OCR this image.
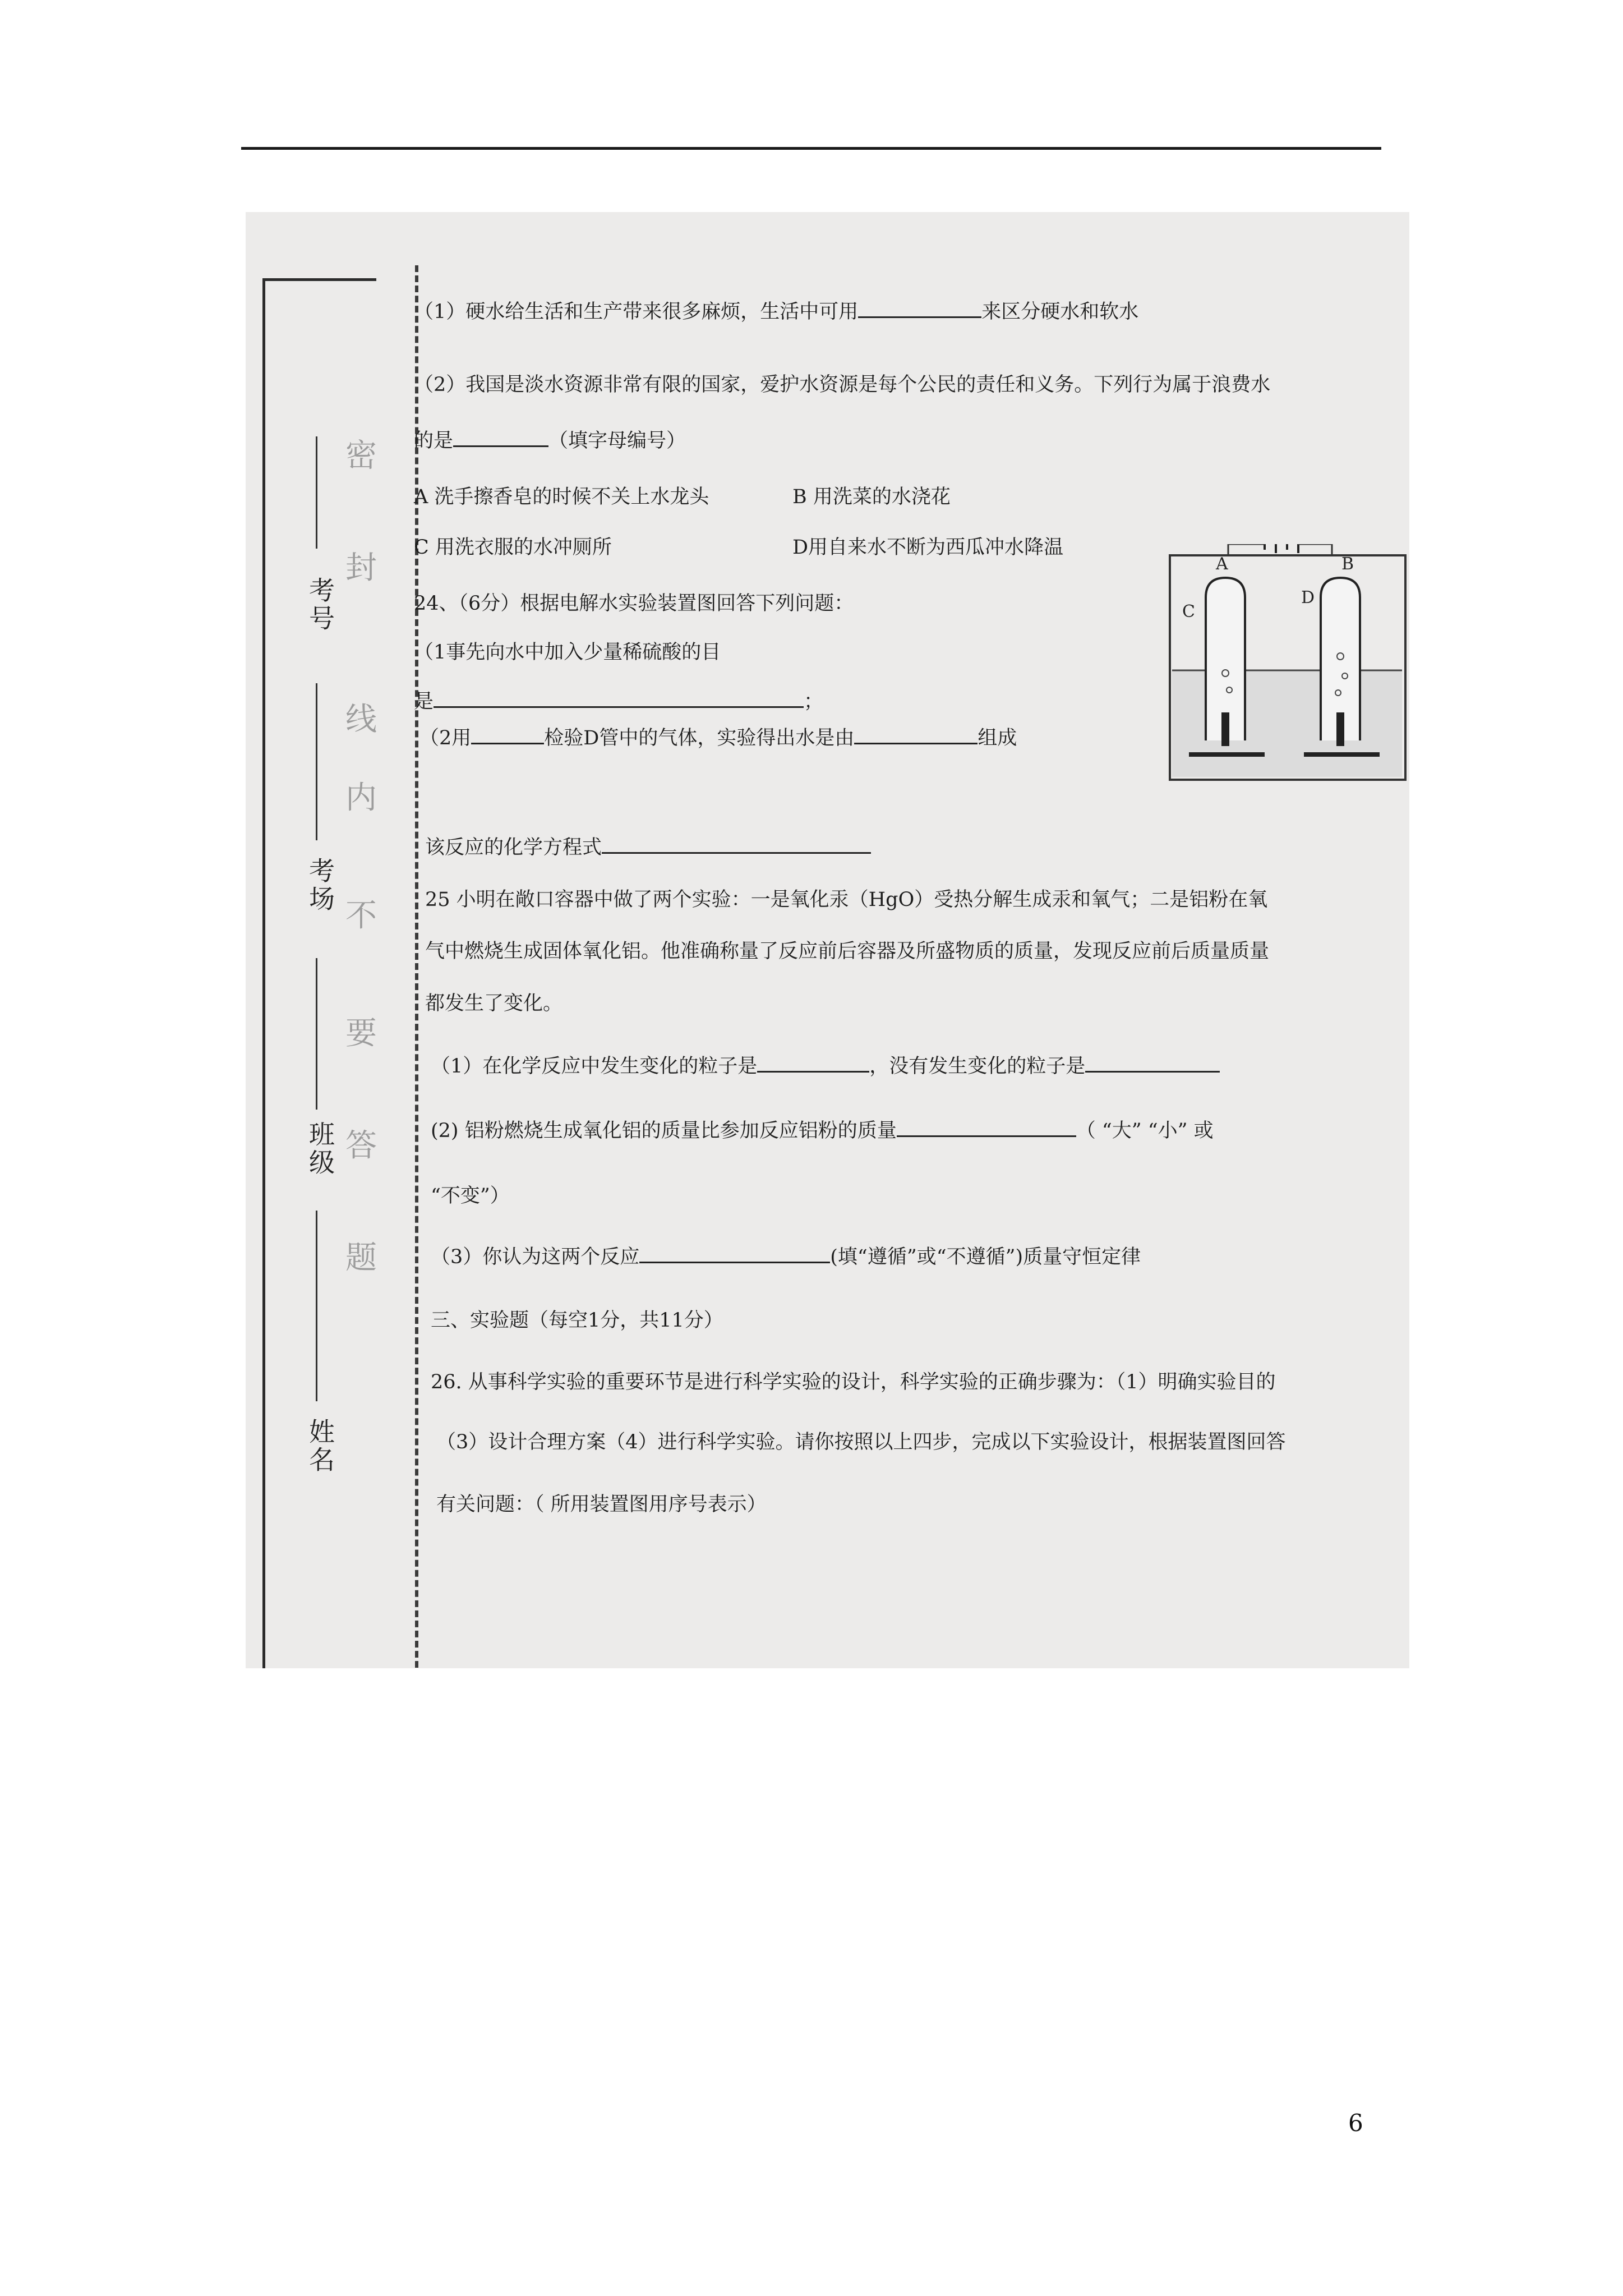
考号
考场
班级
姓名
密
封
线
内
不
要
答
题
（1）硬水给生活和生产带来很多麻烦，生活中可用	来区分硬水和软水
（2）我国是淡水资源非常有限的国家，爱护水资源是每个公民的责任和义务。下列行为属于浪费水
的是	（填字母编号）
A 洗手擦香皂的时候不关上水龙头	B 用洗菜的水浇花
C 用洗衣服的水冲厕所	D用自来水不断为西瓜冲水降温
24、（6分）根据电解水实验装置图回答下列问题：
（1事先向水中加入少量稀硫酸的目
是	；
（2用	检验D管中的气体，实验得出水是由	组成
该反应的化学方程式
25 小明在敞口容器中做了两个实验：一是氧化汞（HgO）受热分解生成汞和氧气；二是铝粉在氧
气中燃烧生成固体氧化铝。他准确称量了反应前后容器及所盛物质的质量，发现反应前后质量质量
都发生了变化。
（1）在化学反应中发生变化的粒子是	，没有发生变化的粒子是
(2) 铝粉燃烧生成氧化铝的质量比参加反应铝粉的质量	（ “大” “小” 或
“不变”）
（3）你认为这两个反应	(填“遵循”或“不遵循”)质量守恒定律
三、实验题（每空1分，共11分）
26. 从事科学实验的重要环节是进行科学实验的设计，科学实验的正确步骤为：（1）明确实验目的
（3）设计合理方案（4）进行科学实验。请你按照以上四步，完成以下实验设计，根据装置图回答
有关问题：（ 所用装置图用序号表示）
A	B
C
D
6
